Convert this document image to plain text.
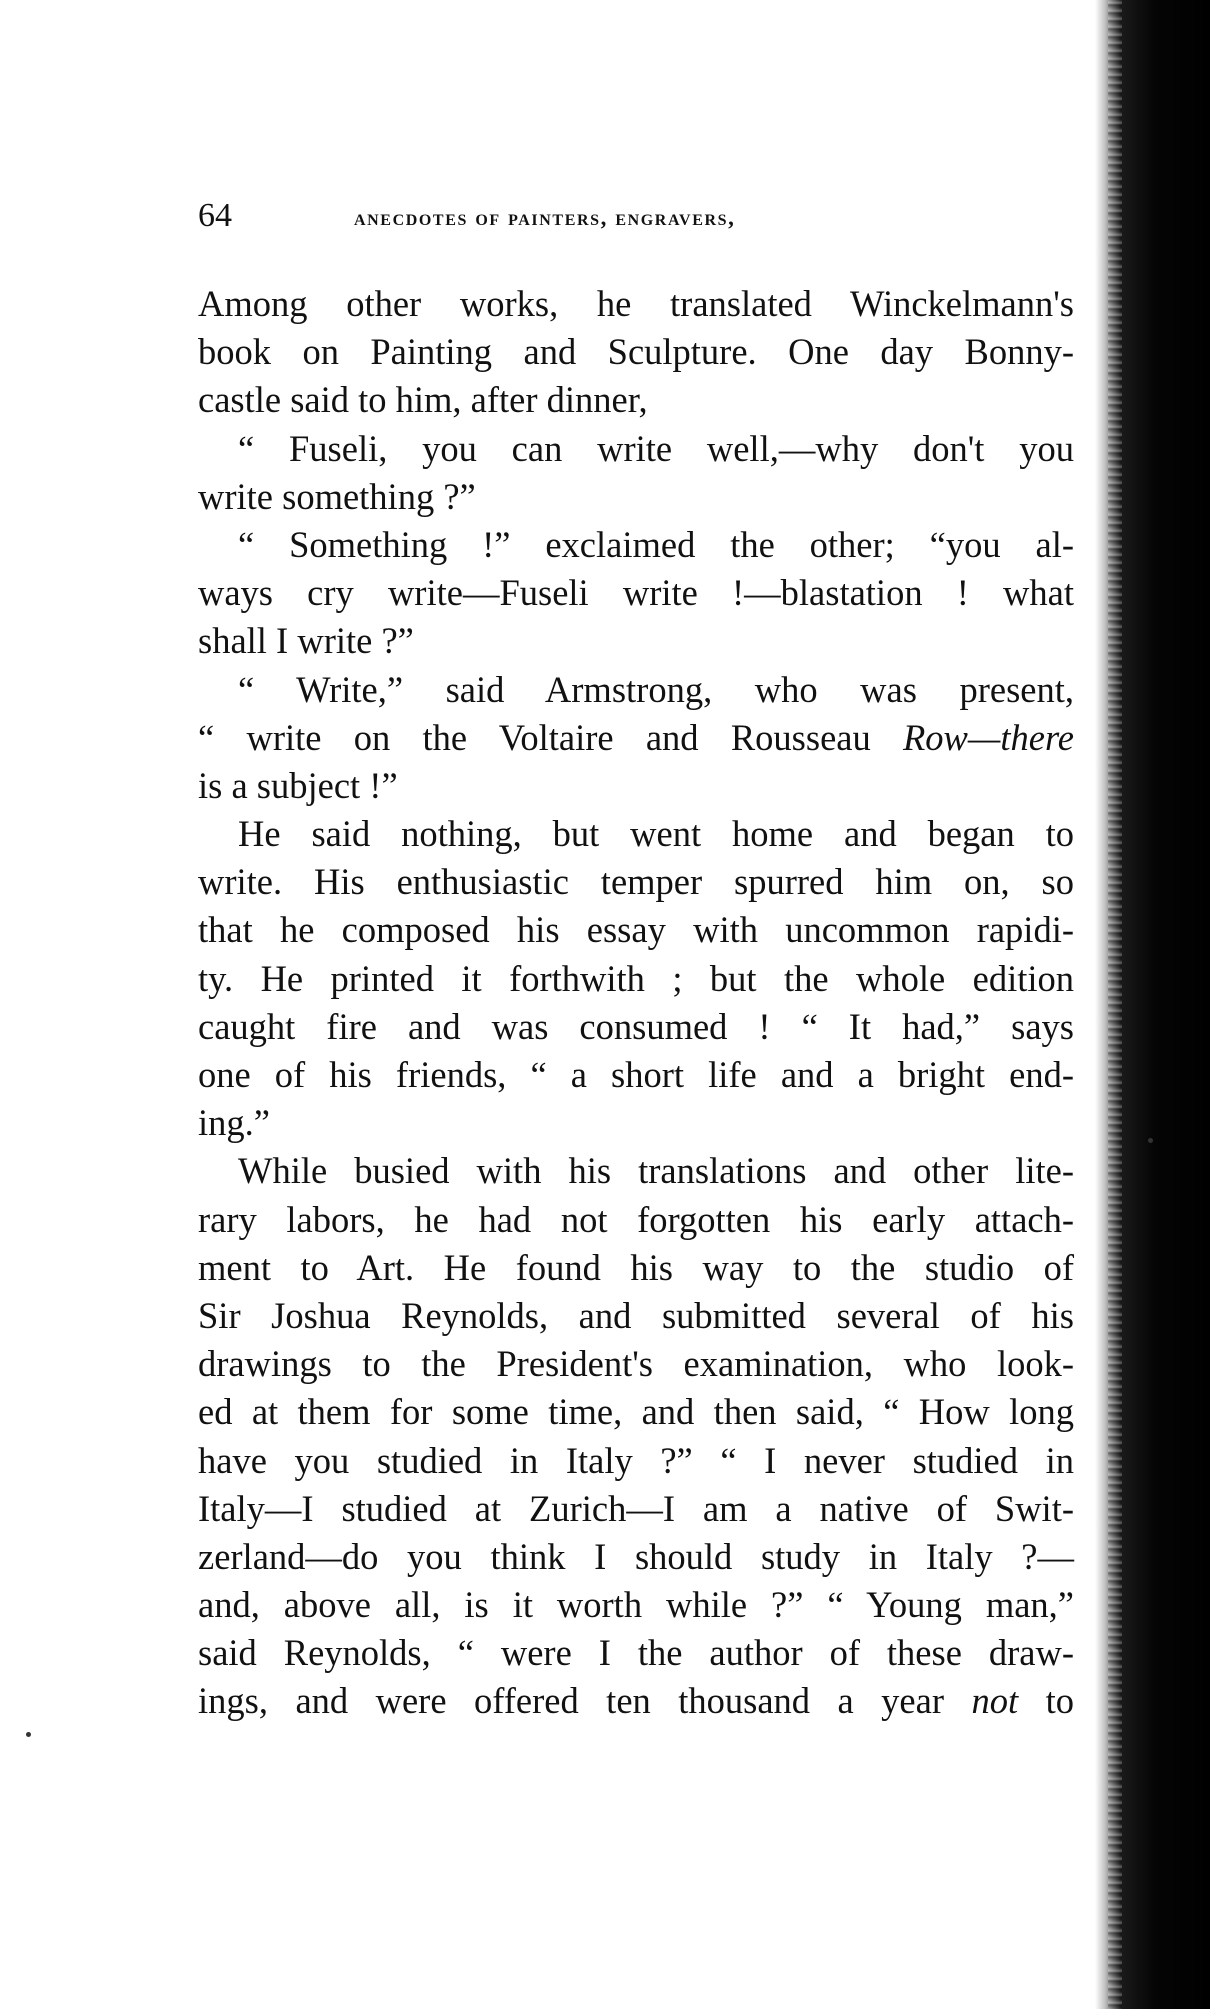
64	anecdotes of painters, engravers,
Among other works, he translated Winckelmann's
book on Painting and Sculpture. One day Bonny-
castle said to him, after dinner,
“ Fuseli, you can write well,—why don't you
write something ?”
“ Something !” exclaimed the other; “you al-
ways cry write—Fuseli write !—blastation ! what
shall I write ?”
“ Write,” said Armstrong, who was present,
“ write on the Voltaire and Rousseau Row—there
is a subject !”
He said nothing, but went home and began to
write. His enthusiastic temper spurred him on, so
that he composed his essay with uncommon rapidi-
ty. He printed it forthwith ; but the whole edition
caught fire and was consumed ! “ It had,” says
one of his friends, “ a short life and a bright end-
ing.”
While busied with his translations and other lite-
rary labors, he had not forgotten his early attach-
ment to Art. He found his way to the studio of
Sir Joshua Reynolds, and submitted several of his
drawings to the President's examination, who look-
ed at them for some time, and then said, “ How long
have you studied in Italy ?” “ I never studied in
Italy—I studied at Zurich—I am a native of Swit-
zerland—do you think I should study in Italy ?—
and, above all, is it worth while ?” “ Young man,”
said Reynolds, “ were I the author of these draw-
ings, and were offered ten thousand a year not to
